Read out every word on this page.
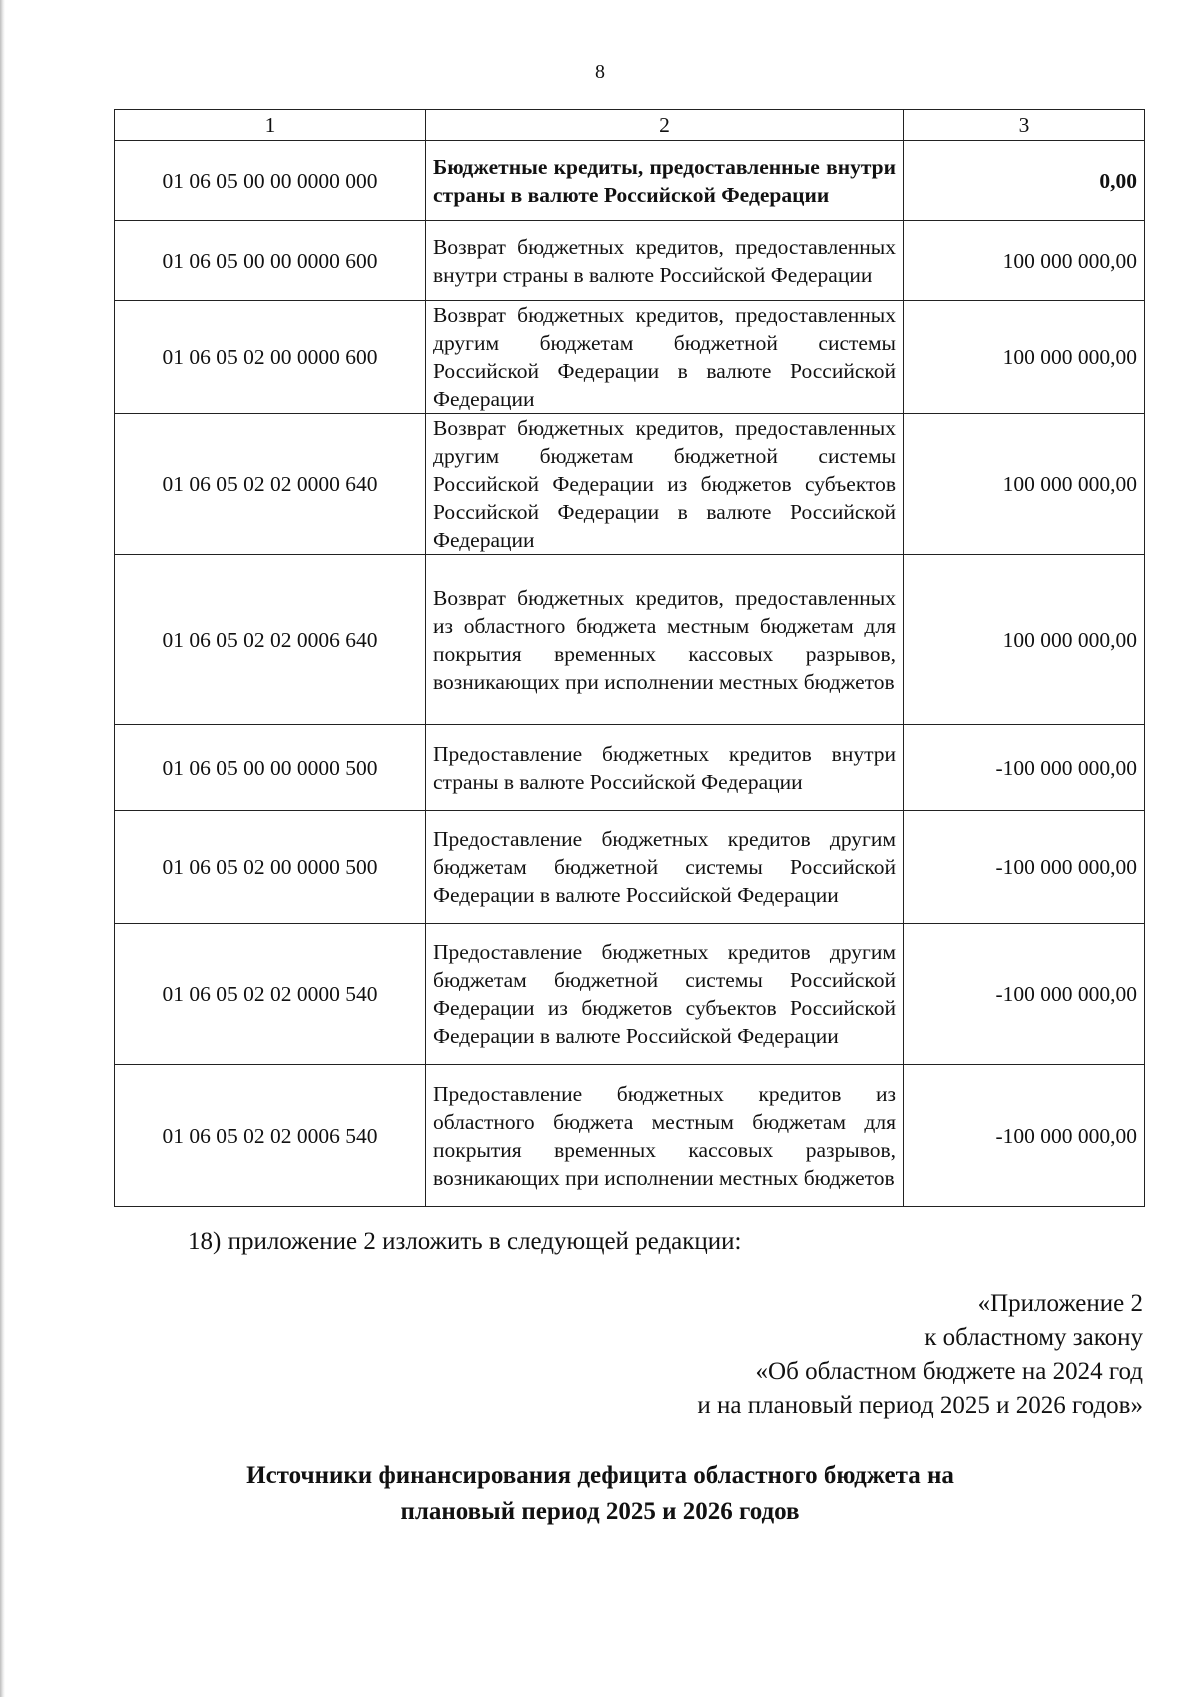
8
1	2	3
01 06 05 00 00 0000 000	Бюджетные кредиты, предоставленные внутри страны в валюте Российской Федерации	0,00
01 06 05 00 00 0000 600	Возврат бюджетных кредитов, предоставленных внутри страны в валюте Российской Федерации	100 000 000,00
01 06 05 02 00 0000 600	Возврат бюджетных кредитов, предоставленных другим бюджетам бюджетной системы Российской Федерации в валюте Российской Федерации	100 000 000,00
01 06 05 02 02 0000 640	Возврат бюджетных кредитов, предоставленных другим бюджетам бюджетной системы Российской Федерации из бюджетов субъектов Российской Федерации в валюте Российской Федерации	100 000 000,00
01 06 05 02 02 0006 640	Возврат бюджетных кредитов, предоставленных из областного бюджета местным бюджетам для покрытия временных кассовых разрывов, возникающих при исполнении местных бюджетов	100 000 000,00
01 06 05 00 00 0000 500	Предоставление бюджетных кредитов внутри страны в валюте Российской Федерации	-100 000 000,00
01 06 05 02 00 0000 500	Предоставление бюджетных кредитов другим бюджетам бюджетной системы Российской Федерации в валюте Российской Федерации	-100 000 000,00
01 06 05 02 02 0000 540	Предоставление бюджетных кредитов другим бюджетам бюджетной системы Российской Федерации из бюджетов субъектов Российской Федерации в валюте Российской Федерации	-100 000 000,00
01 06 05 02 02 0006 540	Предоставление бюджетных кредитов из областного бюджета местным бюджетам для покрытия временных кассовых разрывов, возникающих при исполнении местных бюджетов	-100 000 000,00
18) приложение 2 изложить в следующей редакции:
«Приложение 2
к областному закону
«Об областном бюджете на 2024 год
и на плановый период 2025 и 2026 годов»
Источники финансирования дефицита областного бюджета на
плановый период 2025 и 2026 годов
